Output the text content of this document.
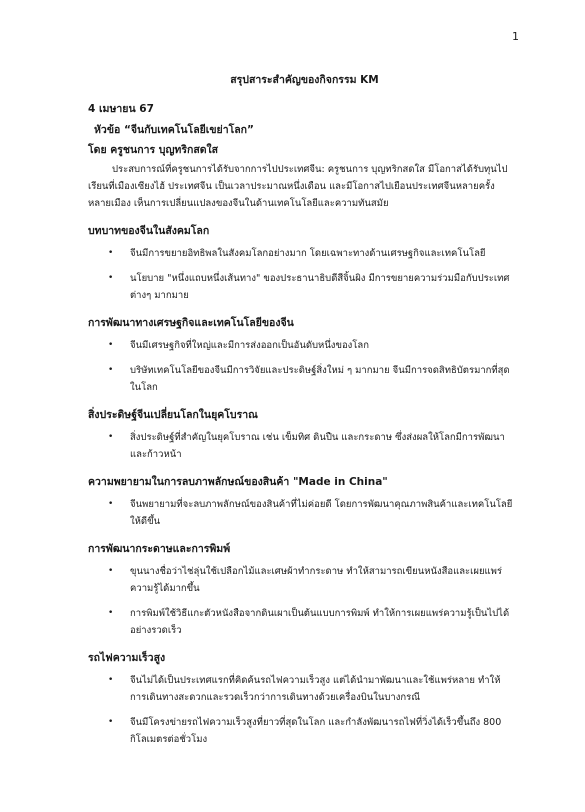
1
สรุปสาระสำคัญของกิจกรรม KM

4 เมษายน 67

หัวข้อ “จีนกับเทคโนโลยีเขย่าโลก”

โดย ครูชนการ บุญทริกสดใส

ประสบการณ์ที่ครูชนการได้รับจากการไปประเทศจีน: ครูชนการ บุญทริกสดใส มีโอกาสได้รับทุนไปเรียนที่เมืองเซียงไฮ้ ประเทศจีน เป็นเวลาประมาณหนึ่งเดือน และมีโอกาสไปเยือนประเทศจีนหลายครั้งหลายเมือง เห็นการเปลี่ยนแปลงของจีนในด้านเทคโนโลยีและความทันสมัย

บทบาทของจีนในสังคมโลก
• จีนมีการขยายอิทธิพลในสังคมโลกอย่างมาก โดยเฉพาะทางด้านเศรษฐกิจและเทคโนโลยี
• นโยบาย "หนึ่งแถบหนึ่งเส้นทาง" ของประธานาธิบดีสีจิ้นผิง มีการขยายความร่วมมือกับประเทศต่างๆ มากมาย
การพัฒนาทางเศรษฐกิจและเทคโนโลยีของจีน
• จีนมีเศรษฐกิจที่ใหญ่และมีการส่งออกเป็นอันดับหนึ่งของโลก
• บริษัทเทคโนโลยีของจีนมีการวิจัยและประดิษฐ์สิ่งใหม่ ๆ มากมาย จีนมีการจดสิทธิบัตรมากที่สุดในโลก
สิ่งประดิษฐ์จีนเปลี่ยนโลกในยุคโบราณ
• สิ่งประดิษฐ์ที่สำคัญในยุคโบราณ เช่น เข็มทิศ ดินปืน และกระดาษ ซึ่งส่งผลให้โลกมีการพัฒนาและก้าวหน้า
ความพยายามในการลบภาพลักษณ์ของสินค้า "Made in China"
• จีนพยายามที่จะลบภาพลักษณ์ของสินค้าที่ไม่ค่อยดี โดยการพัฒนาคุณภาพสินค้าและเทคโนโลยีให้ดีขึ้น
การพัฒนากระดาษและการพิมพ์
• ขุนนางชื่อว่าไช่ลุ่นใช้เปลือกไม้และเศษผ้าทำกระดาษ ทำให้สามารถเขียนหนังสือและเผยแพร่ความรู้ได้มากขึ้น
• การพิมพ์ใช้วิธีแกะตัวหนังสือจากดินเผาเป็นต้นแบบการพิมพ์ ทำให้การเผยแพร่ความรู้เป็นไปได้อย่างรวดเร็ว
รถไฟความเร็วสูง
• จีนไม่ได้เป็นประเทศแรกที่คิดค้นรถไฟความเร็วสูง แต่ได้นำมาพัฒนาและใช้แพร่หลาย ทำให้การเดินทางสะดวกและรวดเร็วกว่าการเดินทางด้วยเครื่องบินในบางกรณี
• จีนมีโครงข่ายรถไฟความเร็วสูงที่ยาวที่สุดในโลก และกำลังพัฒนารถไฟที่วิ่งได้เร็วขึ้นถึง 800 กิโลเมตรต่อชั่วโมง
